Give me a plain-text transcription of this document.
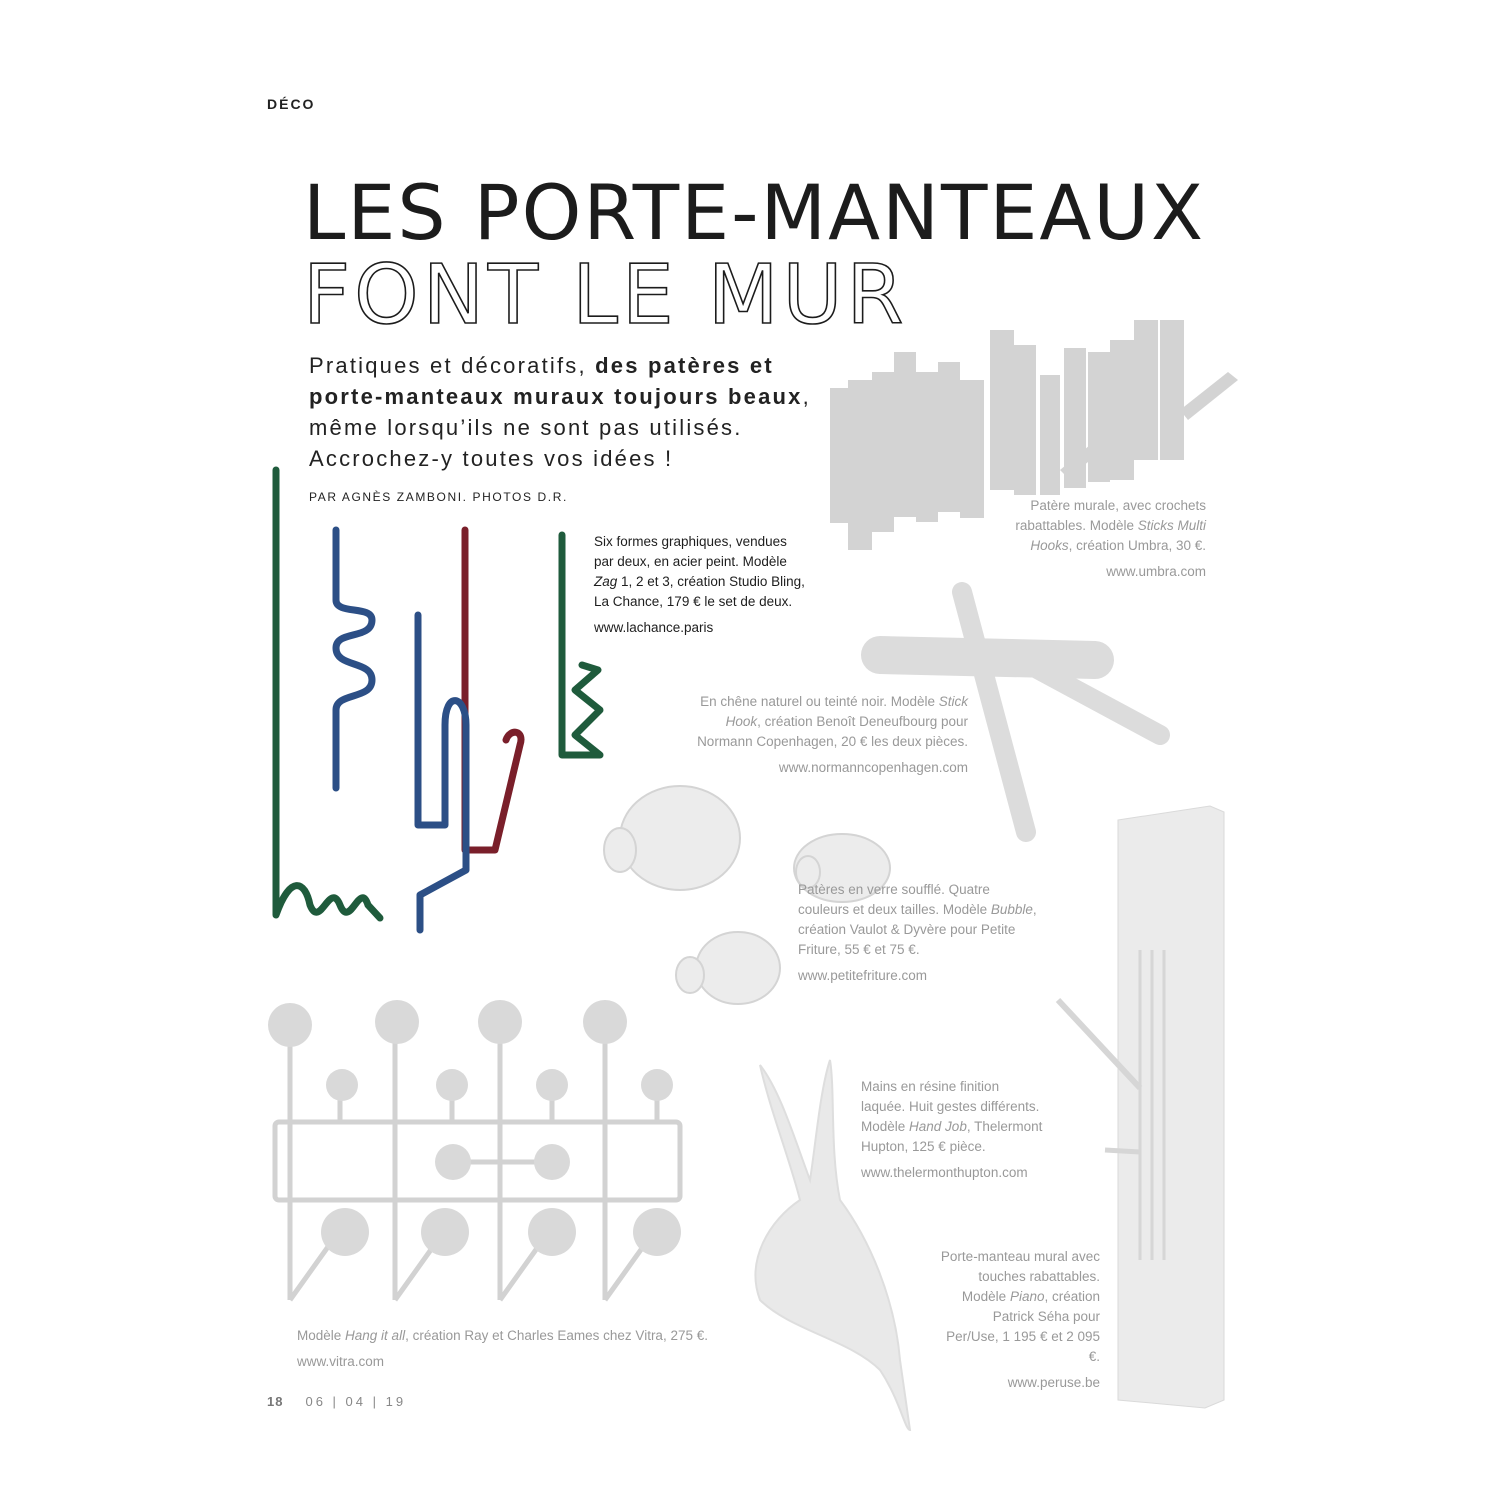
DÉCO
LES PORTE-MANTEAUX
FONT LE MUR
Pratiques et décoratifs, des patères et porte-manteaux muraux toujours beaux, même lorsqu’ils ne sont pas utilisés. Accrochez-y toutes vos idées !
PAR AGNÈS ZAMBONI. PHOTOS D.R.
Six formes graphiques, vendues par deux, en acier peint. Modèle Zag 1, 2 et 3, création Studio Bling, La Chance, 179 € le set de deux.
www.lachance.paris
Patère murale, avec crochets rabattables. Modèle Sticks Multi Hooks, création Umbra, 30 €.
www.umbra.com
En chêne naturel ou teinté noir. Modèle Stick Hook, création Benoît Deneufbourg pour Normann Copenhagen, 20 € les deux pièces.
www.normanncopenhagen.com
Patères en verre soufflé. Quatre couleurs et deux tailles. Modèle Bubble, création Vaulot & Dyvère pour Petite Friture, 55 € et 75 €.
www.petitefriture.com
Mains en résine finition laquée. Huit gestes différents. Modèle Hand Job, Thelermont Hupton, 125 € pièce.
www.thelermonthupton.com
Porte-manteau mural avec touches rabattables. Modèle Piano, création Patrick Séha pour Per/Use, 1 195 € et 2 095 €.
www.peruse.be
Modèle Hang it all, création Ray et Charles Eames chez Vitra, 275 €.
www.vitra.com
18 06 | 04 | 19
